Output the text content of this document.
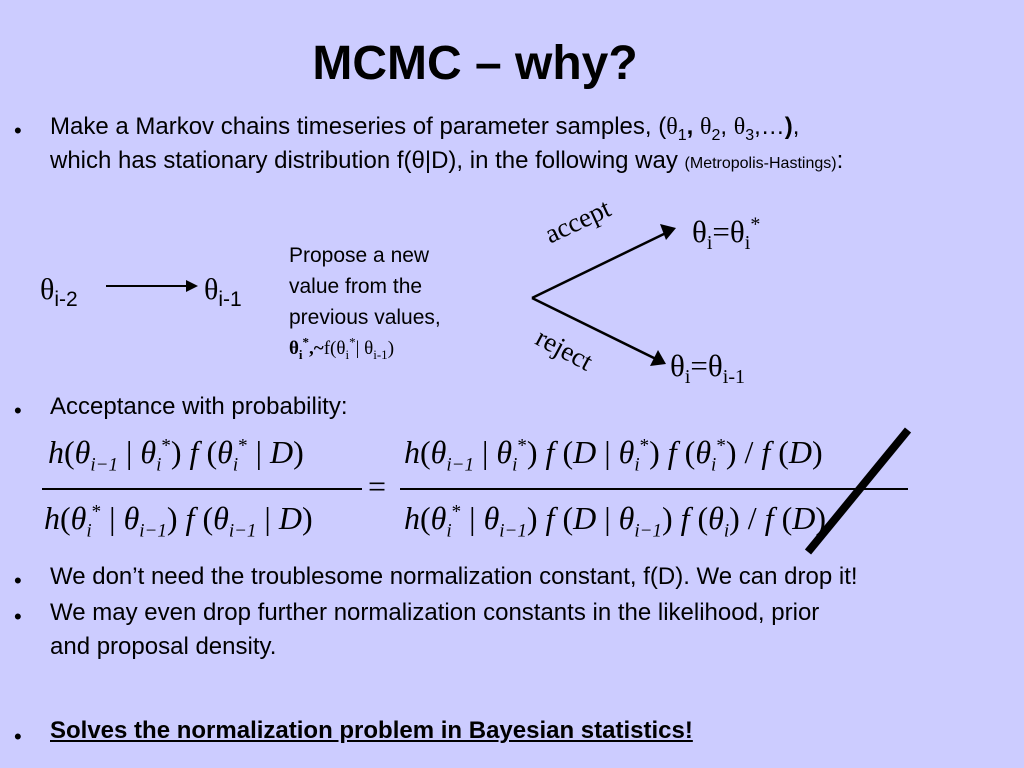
MCMC – why?
• Make a Markov chains timeseries of parameter samples, ($\theta_1$, $\theta_2$, $\theta_3,\dots$),
which has stationary distribution f(θ|D), in the following way (Metropolis-Hastings):
$\theta_{i-2}$	$\theta_{i-1}$
Propose a new
value from the
previous values,
$\theta_i^*,\sim f(\theta_i^*|$ $\theta_{i-1}$)
accept
reject
$\theta_i=\theta_i^*$
$\theta_i=\theta_{i-1}$
• Acceptance with probability:
$h(\theta_{i-1}$ | $\theta_i^*$) f ($\theta_i^*$ | D)
$h(\theta_i^*$ | $\theta_{i-1}$) f ($\theta_{i-1}$ | D)
=
$h(\theta_{i-1}$ | $\theta_i^*$) f (D | $\theta_i^*$) f $(\theta_i^*)$ / f (D)
$h(\theta_i^*$ | $\theta_{i-1}$) f (D | $\theta_{i-1}$) f $(\theta_i)$ / f (D)
• We don’t need the troublesome normalization constant, f(D). We can drop it!
• We may even drop further normalization constants in the likelihood, prior
and proposal density.
• Solves the normalization problem in Bayesian statistics!
